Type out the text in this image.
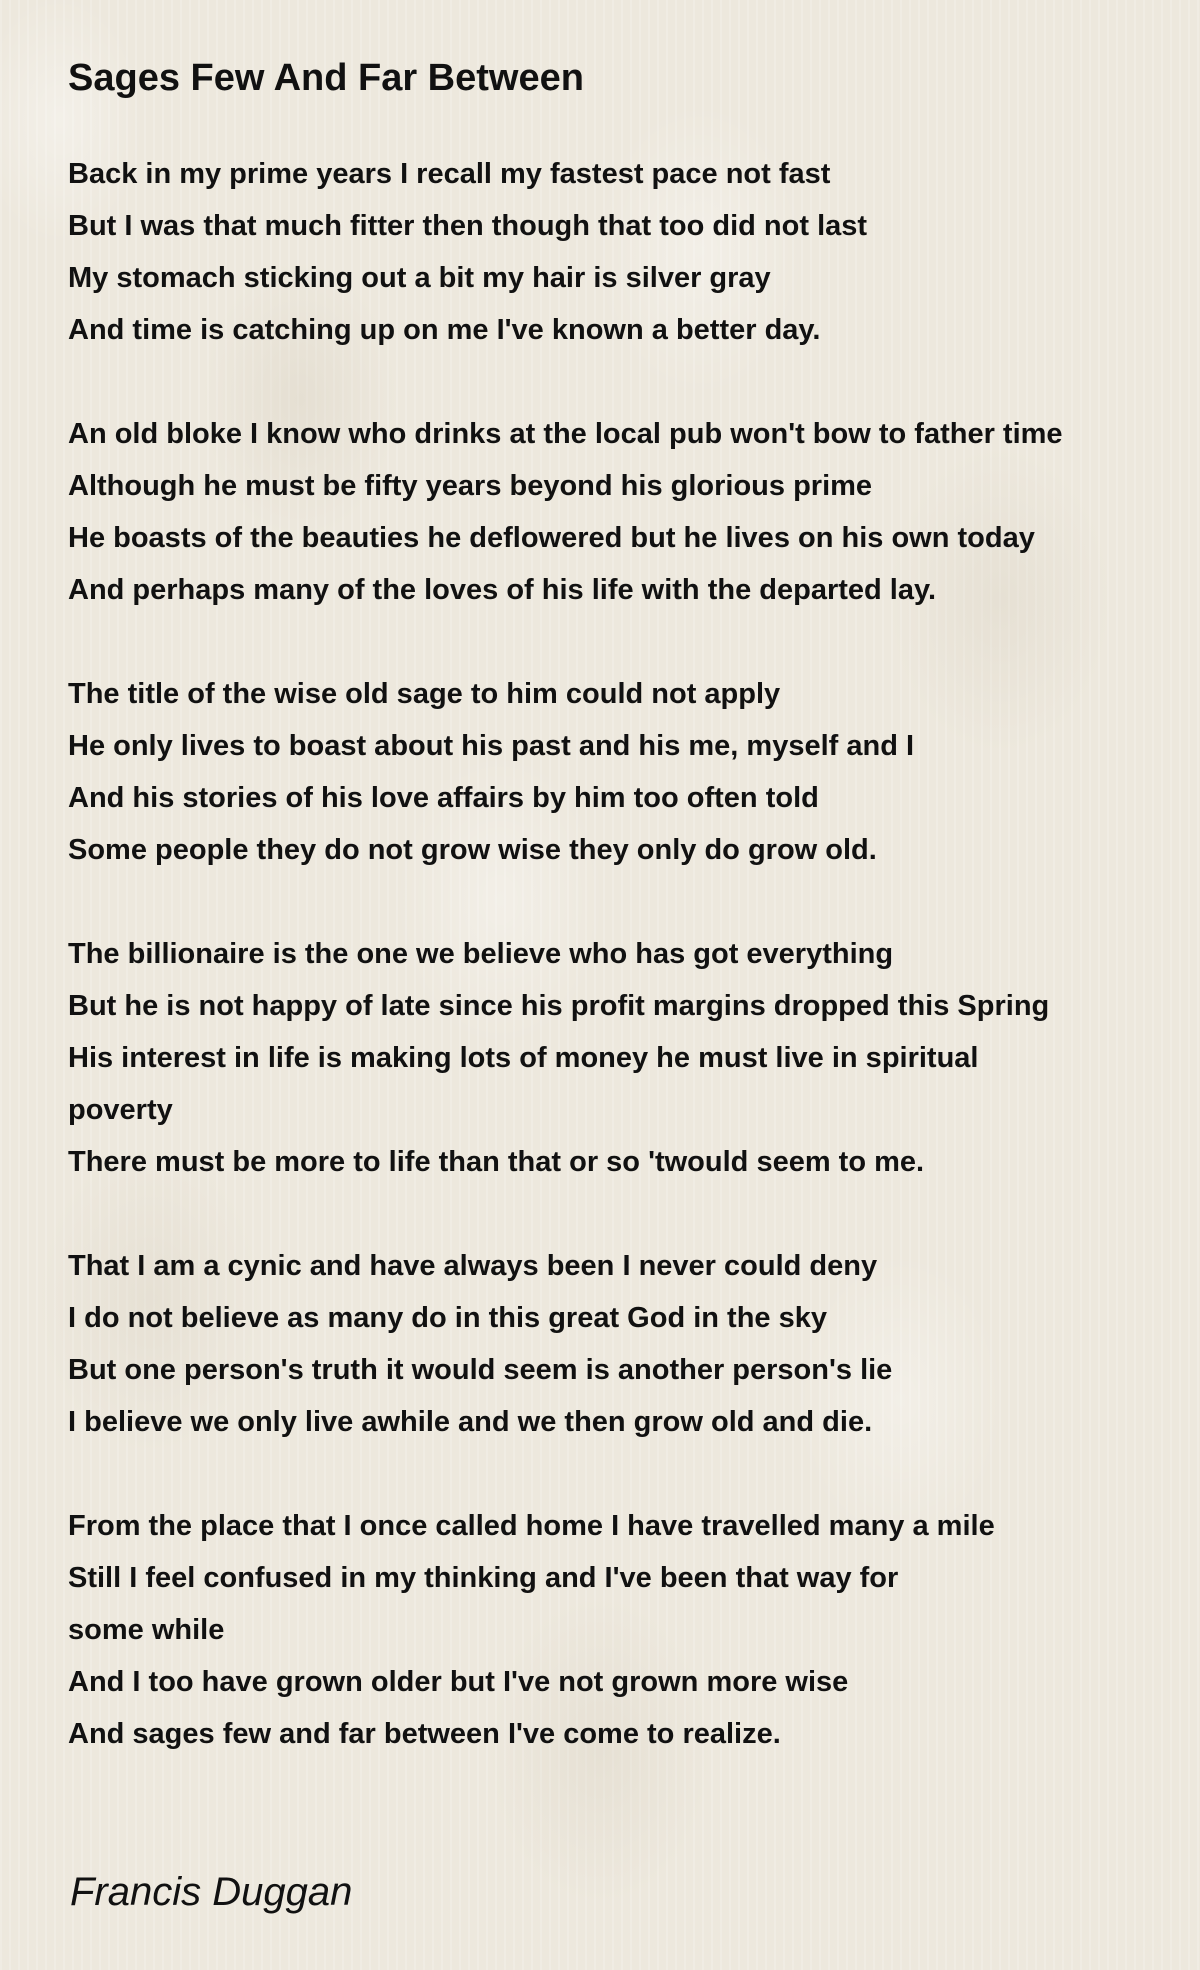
Sages Few And Far Between
Back in my prime years I recall my fastest pace not fast
But I was that much fitter then though that too did not last
My stomach sticking out a bit my hair is silver gray
And time is catching up on me I've known a better day.
An old bloke I know who drinks at the local pub won't bow to father time
Although he must be fifty years beyond his glorious prime
He boasts of the beauties he deflowered but he lives on his own today
And perhaps many of the loves of his life with the departed lay.
The title of the wise old sage to him could not apply
He only lives to boast about his past and his me, myself and I
And his stories of his love affairs by him too often told
Some people they do not grow wise they only do grow old.
The billionaire is the one we believe who has got everything
But he is not happy of late since his profit margins dropped this Spring
His interest in life is making lots of money he must live in spiritual
poverty
There must be more to life than that or so 'twould seem to me.
That I am a cynic and have always been I never could deny
I do not believe as many do in this great God in the sky
But one person's truth it would seem is another person's lie
I believe we only live awhile and we then grow old and die.
From the place that I once called home I have travelled many a mile
Still I feel confused in my thinking and I've been that way for
some while
And I too have grown older but I've not grown more wise
And sages few and far between I've come to realize.

Francis Duggan
